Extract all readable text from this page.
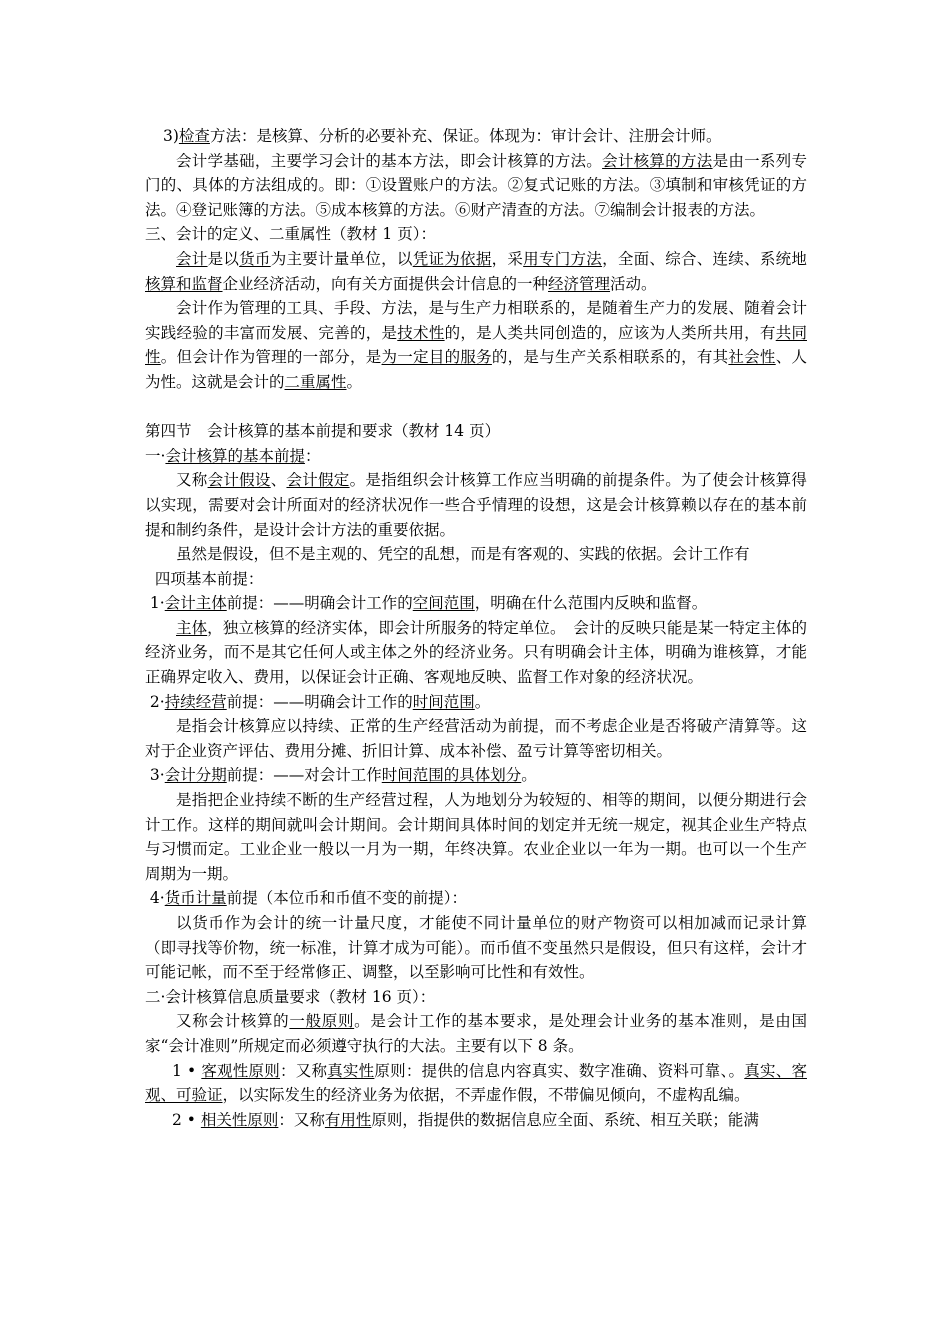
3)检查方法：是核算、分析的必要补充、保证。体现为：审计会计、注册会计师。

会计学基础，主要学习会计的基本方法，即会计核算的方法。会计核算的方法是由一系列专门的、具体的方法组成的。即：①设置账户的方法。②复式记账的方法。③填制和审核凭证的方法。④登记账簿的方法。⑤成本核算的方法。⑥财产清查的方法。⑦编制会计报表的方法。

三、会计的定义、二重属性（教材 1 页）：

会计是以货币为主要计量单位，以凭证为依据，采用专门方法，全面、综合、连续、系统地核算和监督企业经济活动，向有关方面提供会计信息的一种经济管理活动。

会计作为管理的工具、手段、方法，是与生产力相联系的，是随着生产力的发展、随着会计实践经验的丰富而发展、完善的，是技术性的，是人类共同创造的，应该为人类所共用，有共同性。但会计作为管理的一部分，是为一定目的服务的，是与生产关系相联系的，有其社会性、人为性。这就是会计的二重属性。

第四节　会计核算的基本前提和要求（教材 14 页）

一·会计核算的基本前提：

又称会计假设、会计假定。是指组织会计核算工作应当明确的前提条件。为了使会计核算得以实现，需要对会计所面对的经济状况作一些合乎情理的设想，这是会计核算赖以存在的基本前提和制约条件，是设计会计方法的重要依据。

虽然是假设，但不是主观的、凭空的乱想，而是有客观的、实践的依据。会计工作有

四项基本前提：

1·会计主体前提：——明确会计工作的空间范围，明确在什么范围内反映和监督。

主体，独立核算的经济实体，即会计所服务的特定单位。　会计的反映只能是某一特定主体的经济业务，而不是其它任何人或主体之外的经济业务。只有明确会计主体，明确为谁核算，才能正确界定收入、费用，以保证会计正确、客观地反映、监督工作对象的经济状况。

2·持续经营前提：——明确会计工作的时间范围。

是指会计核算应以持续、正常的生产经营活动为前提，而不考虑企业是否将破产清算等。这对于企业资产评估、费用分摊、折旧计算、成本补偿、盈亏计算等密切相关。

3·会计分期前提：——对会计工作时间范围的具体划分。

是指把企业持续不断的生产经营过程，人为地划分为较短的、相等的期间，以便分期进行会计工作。这样的期间就叫会计期间。会计期间具体时间的划定并无统一规定，视其企业生产特点与习惯而定。工业企业一般以一月为一期，年终决算。农业企业以一年为一期。也可以一个生产周期为一期。

4·货币计量前提（本位币和币值不变的前提）：

以货币作为会计的统一计量尺度，才能使不同计量单位的财产物资可以相加减而记录计算（即寻找等价物，统一标准，计算才成为可能）。而币值不变虽然只是假设，但只有这样，会计才可能记帐，而不至于经常修正、调整，以至影响可比性和有效性。

二·会计核算信息质量要求（教材 16 页）：

又称会计核算的一般原则。是会计工作的基本要求，是处理会计业务的基本准则，是由国家“会计准则”所规定而必须遵守执行的大法。主要有以下 8 条。

1 • 客观性原则：又称真实性原则：提供的信息内容真实、数字准确、资料可靠、。真实、客观、可验证，以实际发生的经济业务为依据，不弄虚作假，不带偏见倾向，不虚构乱编。

2 • 相关性原则：又称有用性原则，指提供的数据信息应全面、系统、相互关联；能满
